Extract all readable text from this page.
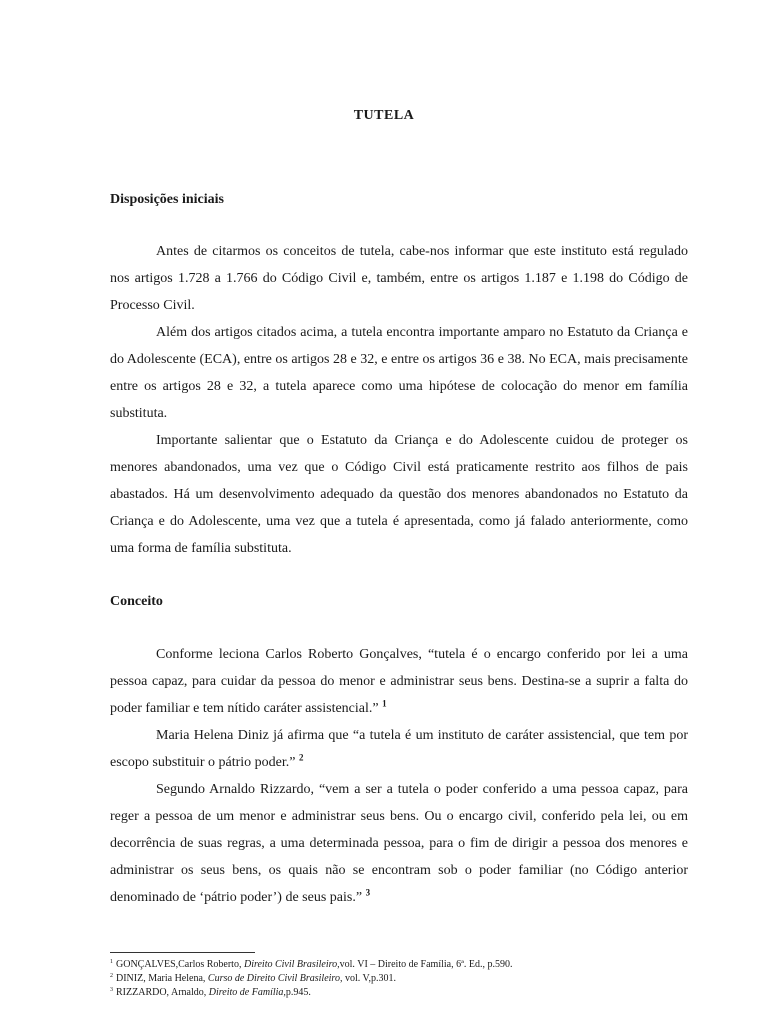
TUTELA
Disposições iniciais

Antes de citarmos os conceitos de tutela, cabe-nos informar que este instituto está regulado nos artigos 1.728 a 1.766 do Código Civil e, também, entre os artigos 1.187 e 1.198 do Código de Processo Civil.

Além dos artigos citados acima, a tutela encontra importante amparo no Estatuto da Criança e do Adolescente (ECA), entre os artigos 28 e 32, e entre os artigos 36 e 38. No ECA, mais precisamente entre os artigos 28 e 32, a tutela aparece como uma hipótese de colocação do menor em família substituta.

Importante salientar que o Estatuto da Criança e do Adolescente cuidou de proteger os menores abandonados, uma vez que o Código Civil está praticamente restrito aos filhos de pais abastados. Há um desenvolvimento adequado da questão dos menores abandonados no Estatuto da Criança e do Adolescente, uma vez que a tutela é apresentada, como já falado anteriormente, como uma forma de família substituta.

Conceito

Conforme leciona Carlos Roberto Gonçalves, “tutela é o encargo conferido por lei a uma pessoa capaz, para cuidar da pessoa do menor e administrar seus bens. Destina-se a suprir a falta do poder familiar e tem nítido caráter assistencial.” $^1$

Maria Helena Diniz já afirma que “a tutela é um instituto de caráter assistencial, que tem por escopo substituir o pátrio poder.” $^2$

Segundo Arnaldo Rizzardo, “vem a ser a tutela o poder conferido a uma pessoa capaz, para reger a pessoa de um menor e administrar seus bens. Ou o encargo civil, conferido pela lei, ou em decorrência de suas regras, a uma determinada pessoa, para o fim de dirigir a pessoa dos menores e administrar os seus bens, os quais não se encontram sob o poder familiar (no Código anterior denominado de ‘pátrio poder’) de seus pais.” $^3$

$^1$ GONÇALVES,Carlos Roberto, Direito Civil Brasileiro,vol. VI – Direito de Família, 6ª. Ed., p.590.
$^2$ DINIZ, Maria Helena, Curso de Direito Civil Brasileiro, vol. V,p.301.
$^3$ RIZZARDO, Arnaldo, Direito de Família,p.945.
